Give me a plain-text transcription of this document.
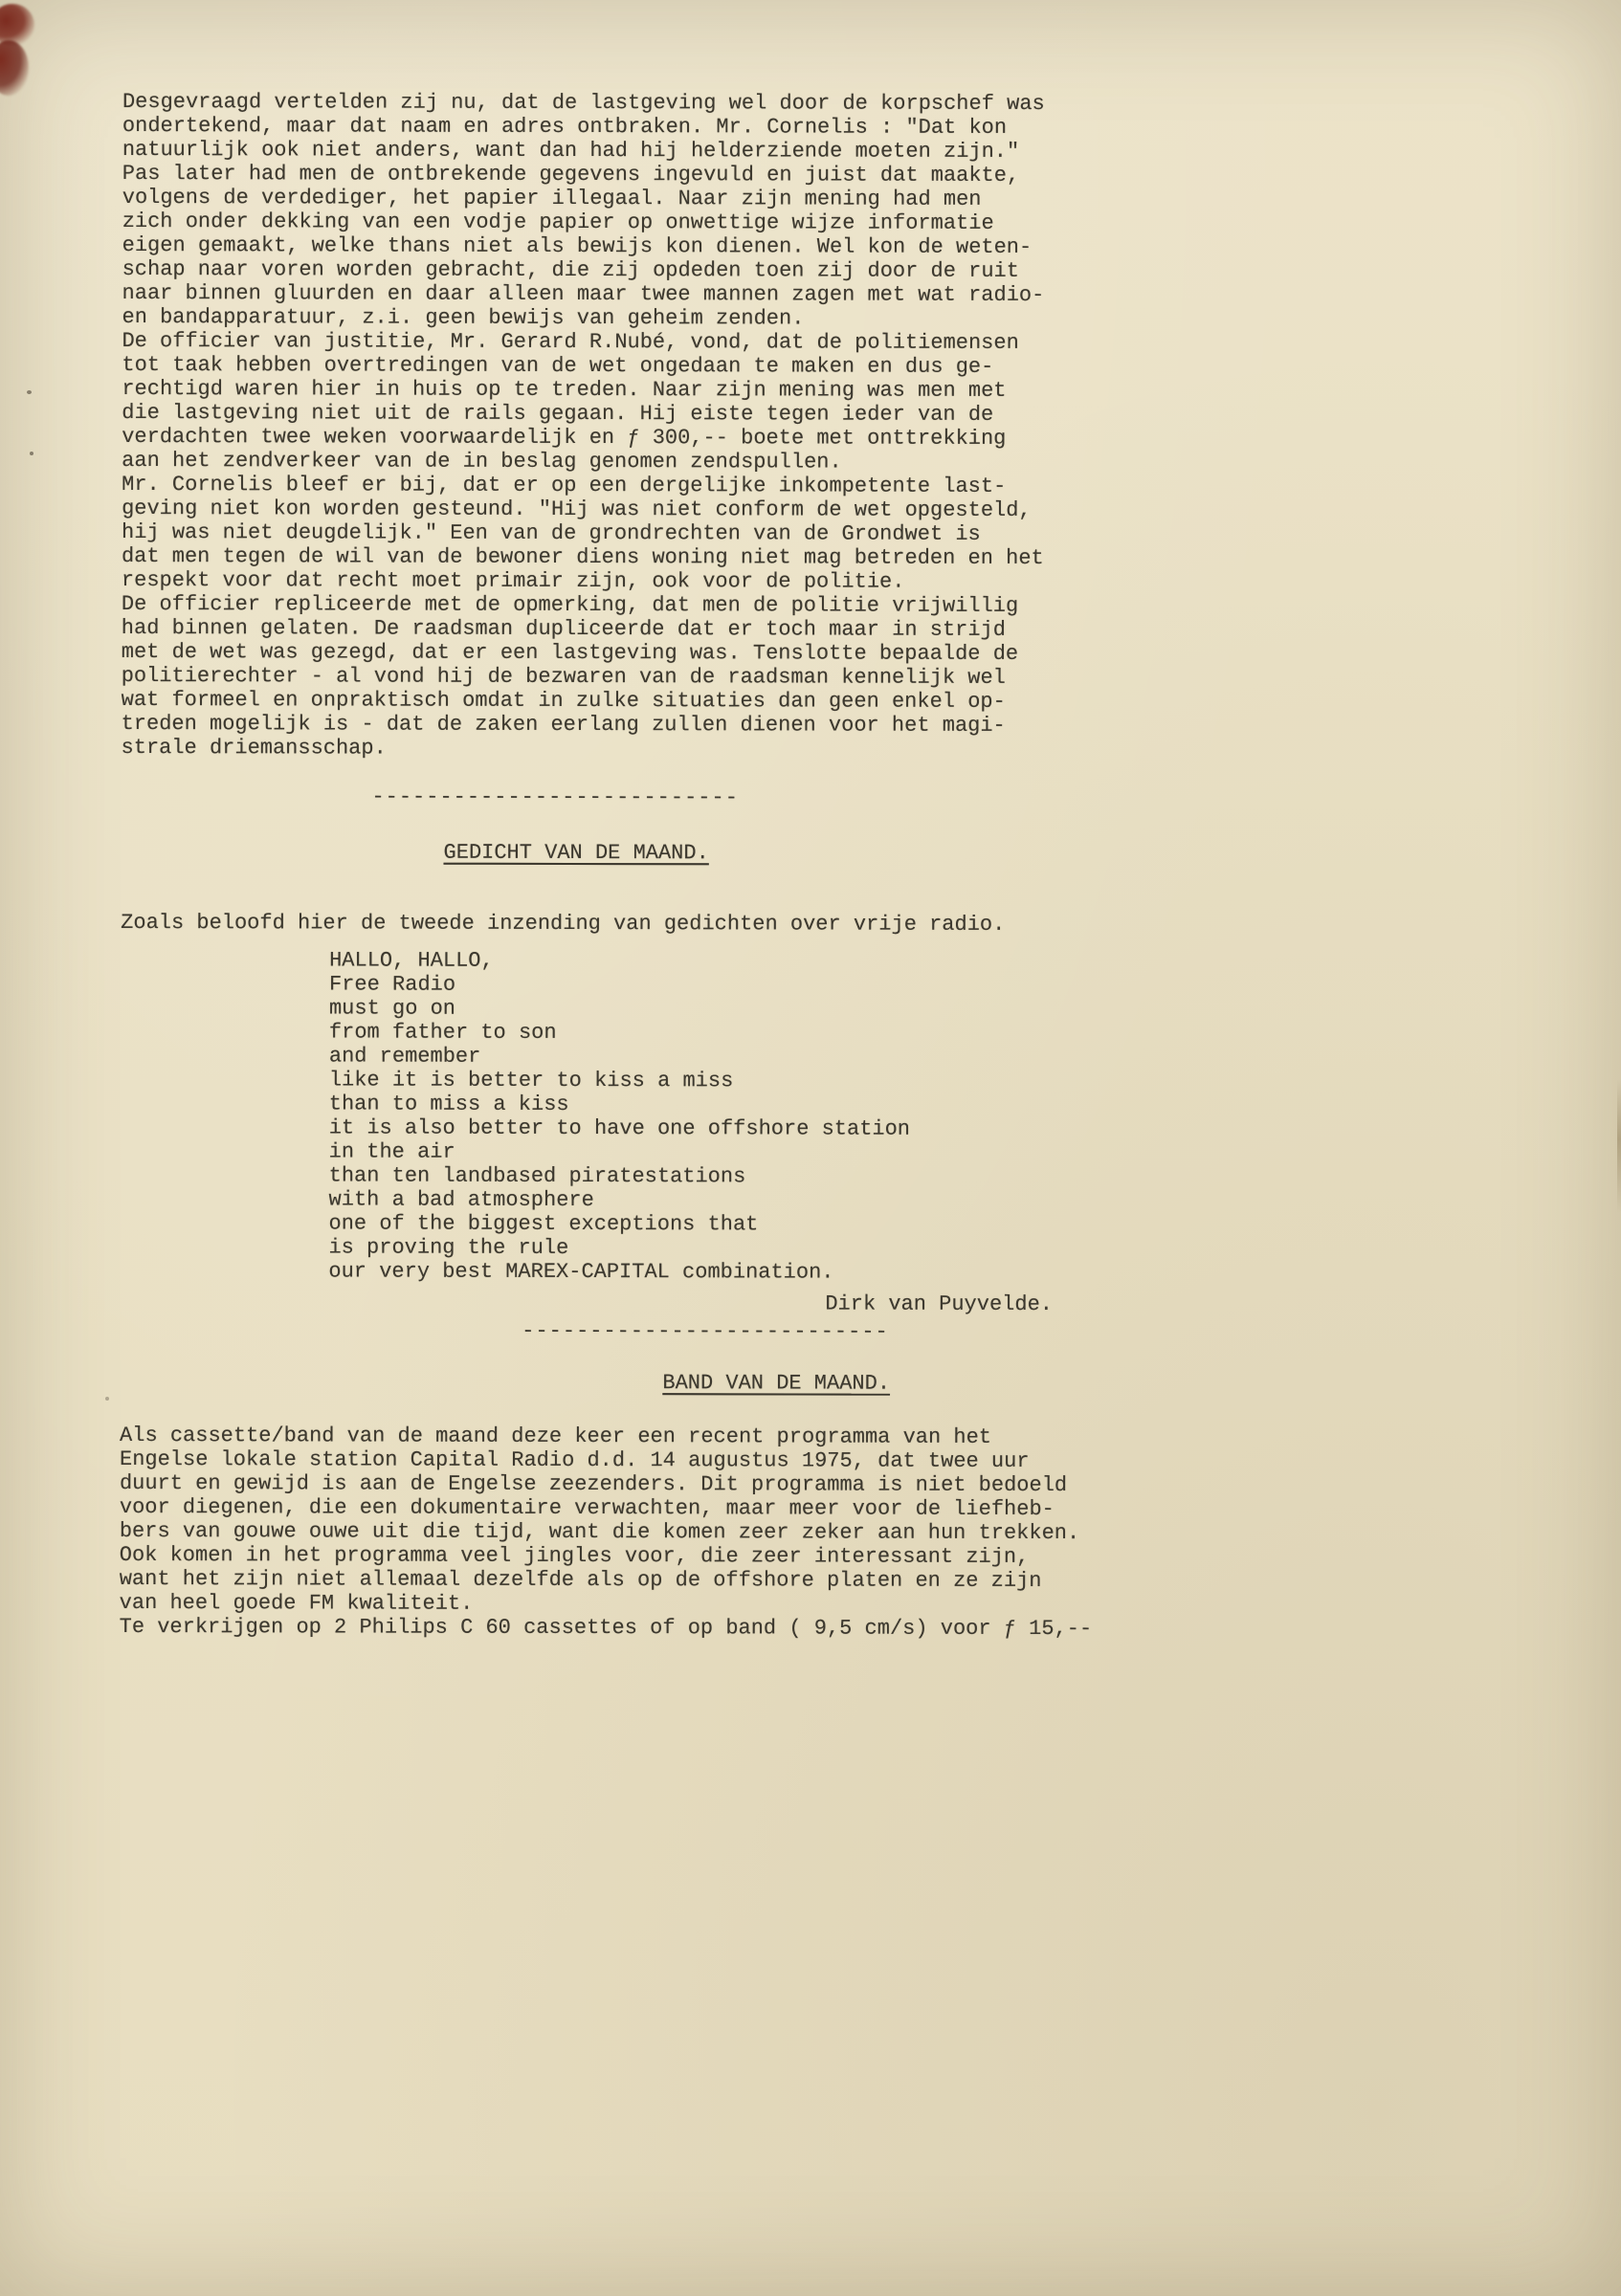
Desgevraagd vertelden zij nu, dat de lastgeving wel door de korpschef was
ondertekend, maar dat naam en adres ontbraken. Mr. Cornelis : "Dat kon
natuurlijk ook niet anders, want dan had hij helderziende moeten zijn."
Pas later had men de ontbrekende gegevens ingevuld en juist dat maakte,
volgens de verdediger, het papier illegaal. Naar zijn mening had men
zich onder dekking van een vodje papier op onwettige wijze informatie
eigen gemaakt, welke thans niet als bewijs kon dienen. Wel kon de weten-
schap naar voren worden gebracht, die zij opdeden toen zij door de ruit
naar binnen gluurden en daar alleen maar twee mannen zagen met wat radio-
en bandapparatuur, z.i. geen bewijs van geheim zenden.
De officier van justitie, Mr. Gerard R.Nubé, vond, dat de politiemensen
tot taak hebben overtredingen van de wet ongedaan te maken en dus ge-
rechtigd waren hier in huis op te treden. Naar zijn mening was men met
die lastgeving niet uit de rails gegaan. Hij eiste tegen ieder van de
verdachten twee weken voorwaardelijk en ƒ 300,-- boete met onttrekking
aan het zendverkeer van de in beslag genomen zendspullen.
Mr. Cornelis bleef er bij, dat er op een dergelijke inkompetente last-
geving niet kon worden gesteund. "Hij was niet conform de wet opgesteld,
hij was niet deugdelijk." Een van de grondrechten van de Grondwet is
dat men tegen de wil van de bewoner diens woning niet mag betreden en het
respekt voor dat recht moet primair zijn, ook voor de politie.
De officier repliceerde met de opmerking, dat men de politie vrijwillig
had binnen gelaten. De raadsman dupliceerde dat er toch maar in strijd
met de wet was gezegd, dat er een lastgeving was. Tenslotte bepaalde de
politierechter - al vond hij de bezwaren van de raadsman kennelijk wel
wat formeel en onpraktisch omdat in zulke situaties dan geen enkel op-
treden mogelijk is - dat de zaken eerlang zullen dienen voor het magi-
strale driemansschap.
---------------------------

GEDICHT VAN DE MAAND.

Zoals beloofd hier de tweede inzending van gedichten over vrije radio.
HALLO, HALLO,
Free Radio
must go on
from father to son
and remember
like it is better to kiss a miss
than to miss a kiss
it is also better to have one offshore station
in the air
than ten landbased piratestations
with a bad atmosphere
one of the biggest exceptions that
is proving the rule
our very best MAREX-CAPITAL combination.
Dirk van Puyvelde.
---------------------------

BAND VAN DE MAAND.

Als cassette/band van de maand deze keer een recent programma van het
Engelse lokale station Capital Radio d.d. 14 augustus 1975, dat twee uur
duurt en gewijd is aan de Engelse zeezenders. Dit programma is niet bedoeld
voor diegenen, die een dokumentaire verwachten, maar meer voor de liefheb-
bers van gouwe ouwe uit die tijd, want die komen zeer zeker aan hun trekken.
Ook komen in het programma veel jingles voor, die zeer interessant zijn,
want het zijn niet allemaal dezelfde als op de offshore platen en ze zijn
van heel goede FM kwaliteit.
Te verkrijgen op 2 Philips C 60 cassettes of op band ( 9,5 cm/s) voor ƒ 15,--
